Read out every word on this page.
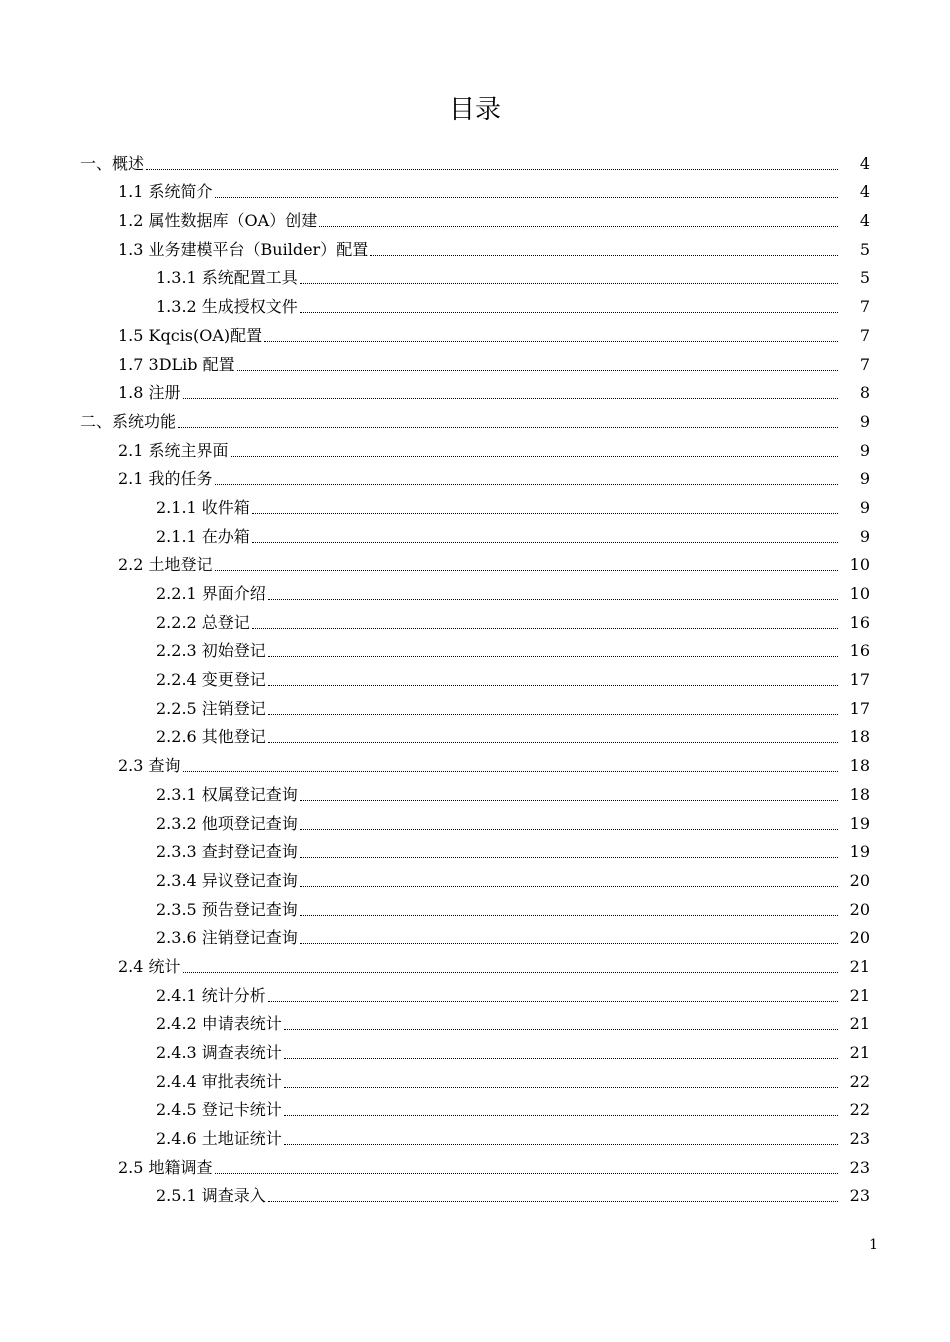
目录
一、概述	4
1.1 系统简介	4
1.2 属性数据库（OA）创建	4
1.3 业务建模平台（Builder）配置	5
1.3.1 系统配置工具	5
1.3.2 生成授权文件	7
1.5 Kqcis(OA)配置	7
1.7 3DLib 配置	7
1.8 注册	8
二、系统功能	9
2.1 系统主界面	9
2.1 我的任务	9
2.1.1 收件箱	9
2.1.1 在办箱	9
2.2 土地登记	10
2.2.1 界面介绍	10
2.2.2 总登记	16
2.2.3 初始登记	16
2.2.4 变更登记	17
2.2.5 注销登记	17
2.2.6 其他登记	18
2.3 查询	18
2.3.1 权属登记查询	18
2.3.2 他项登记查询	19
2.3.3 查封登记查询	19
2.3.4 异议登记查询	20
2.3.5 预告登记查询	20
2.3.6 注销登记查询	20
2.4 统计	21
2.4.1 统计分析	21
2.4.2 申请表统计	21
2.4.3 调查表统计	21
2.4.4 审批表统计	22
2.4.5 登记卡统计	22
2.4.6 土地证统计	23
2.5 地籍调查	23
2.5.1 调查录入	23
1
